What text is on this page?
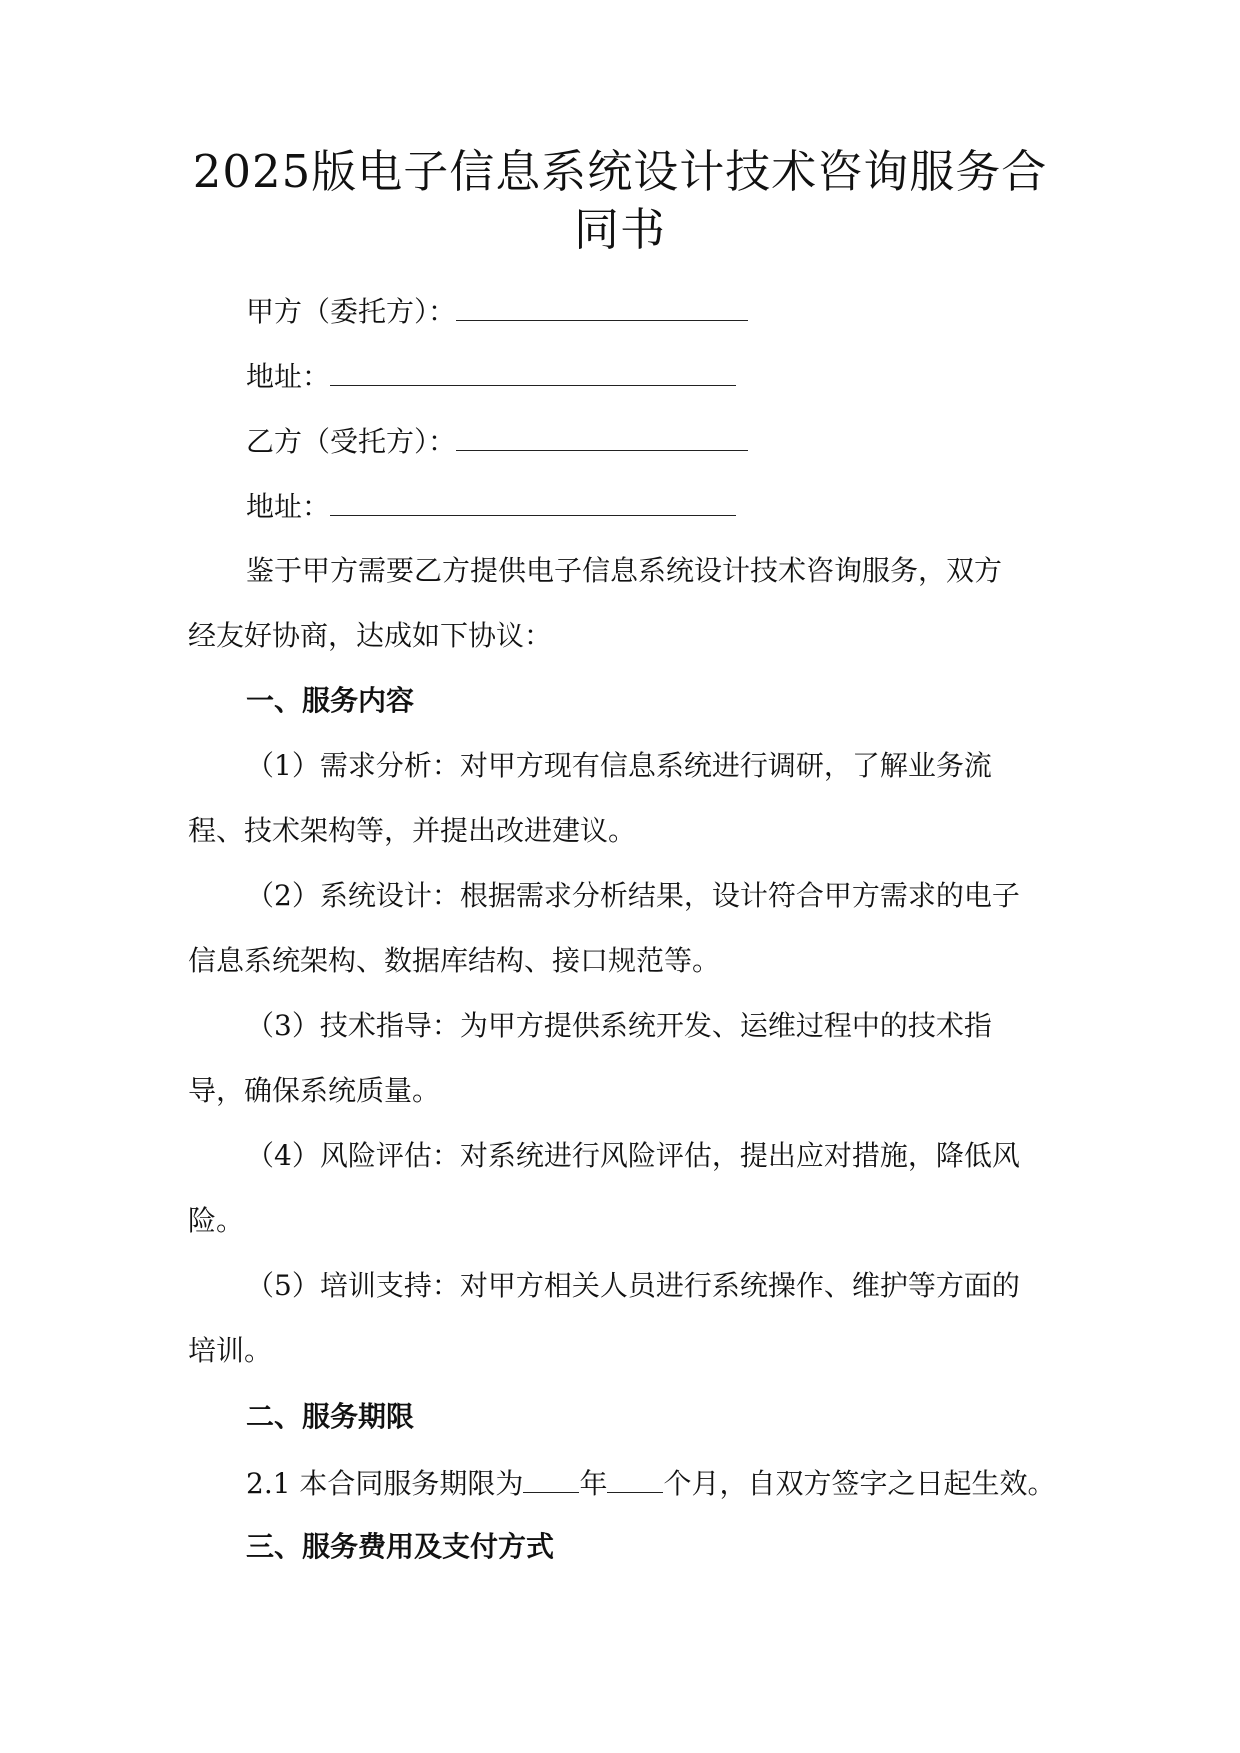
2025版电子信息系统设计技术咨询服务合
同书
甲方（委托方）：
地址：
乙方（受托方）：
地址：
鉴于甲方需要乙方提供电子信息系统设计技术咨询服务，双方
经友好协商，达成如下协议：
一、服务内容
（1）需求分析：对甲方现有信息系统进行调研，了解业务流
程、技术架构等，并提出改进建议。
（2）系统设计：根据需求分析结果，设计符合甲方需求的电子
信息系统架构、数据库结构、接口规范等。
（3）技术指导：为甲方提供系统开发、运维过程中的技术指
导，确保系统质量。
（4）风险评估：对系统进行风险评估，提出应对措施，降低风
险。
（5）培训支持：对甲方相关人员进行系统操作、维护等方面的
培训。
二、服务期限
2.1 本合同服务期限为 年 个月，自双方签字之日起生效。
三、服务费用及支付方式
